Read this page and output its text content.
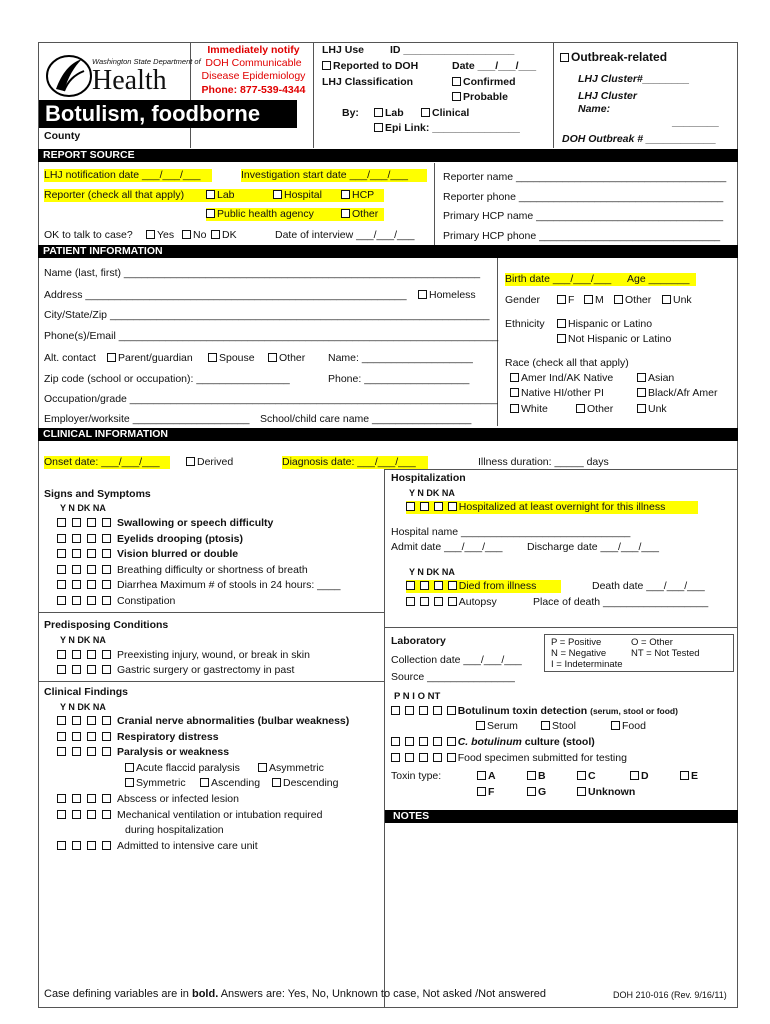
Washington State Department of
Health
Immediately notify
DOH Communicable
Disease Epidemiology
Phone: 877-539-4344
Botulism, foodborne
County
LHJ Use ID ___________________
Reported to DOH	Date ___/___/___
LHJ Classification	Confirmed
Probable
By:	Lab	Clinical
Epi Link: _______________
Outbreak-related
LHJ Cluster#________
LHJ Cluster
Name:
________
DOH Outbreak # ____________
REPORT SOURCE
LHJ notification date ___/___/___	Investigation start date ___/___/___
Reporter (check all that apply)	Lab	Hospital	HCP
Public health agency	Other
OK to talk to case?	Yes	No	DK	Date of interview ___/___/___
Reporter name ____________________________________
Reporter phone ___________________________________
Primary HCP name ________________________________
Primary HCP phone _______________________________
PATIENT INFORMATION
Name (last, first) _____________________________________________________________
Address _______________________________________________________	Homeless
City/State/Zip _________________________________________________________________
Phone(s)/Email _________________________________________________________________
Alt. contact	Parent/guardian	Spouse	Other Name: ___________________
Zip code (school or occupation): ________________	Phone: __________________
Occupation/grade _______________________________________________________________
Employer/worksite ____________________ School/child care name _________________
Birth date ___/___/___ Age _______
Gender	F	M	Other	Unk
Ethnicity	Hispanic or Latino
Not Hispanic or Latino
Race (check all that apply)
Amer Ind/AK Native	Asian
Native HI/other PI	Black/Afr Amer
White	Other	Unk
CLINICAL INFORMATION
Onset date: ___/___/___	Derived	Diagnosis date: ___/___/___	Illness duration: _____ days
Signs and Symptoms
Y N DK NA
Swallowing or speech difficulty
Eyelids drooping (ptosis)
Vision blurred or double
Breathing difficulty or shortness of breath
Diarrhea Maximum # of stools in 24 hours: ____
Constipation
Hospitalization
Y N DK NA
Hospitalized at least overnight for this illness
Hospital name _____________________________
Admit date ___/___/___ Discharge date ___/___/___
Y N DK NA
Died from illness	Death date ___/___/___
Autopsy	Place of death __________________
Predisposing Conditions
Y N DK NA
Preexisting injury, wound, or break in skin
Gastric surgery or gastrectomy in past
Clinical Findings
Y N DK NA
Cranial nerve abnormalities (bulbar weakness)
Respiratory distress
Paralysis or weakness
Acute flaccid paralysis	Asymmetric
Symmetric	Ascending	Descending
Abscess or infected lesion
Mechanical ventilation or intubation required
during hospitalization
Admitted to intensive care unit
Laboratory
Collection date ___/___/___
Source _______________
P = Positive	O = Other
N = Negative	NT = Not Tested
I = Indeterminate
P N I O NT
Botulinum toxin detection (serum, stool or food)
Serum	Stool	Food
C. botulinum culture (stool)
Food specimen submitted for testing
Toxin type:	A	B	C	D	E
F	G	Unknown
NOTES
Case defining variables are in bold. Answers are: Yes, No, Unknown to case, Not asked /Not answered	DOH 210-016 (Rev. 9/16/11)
